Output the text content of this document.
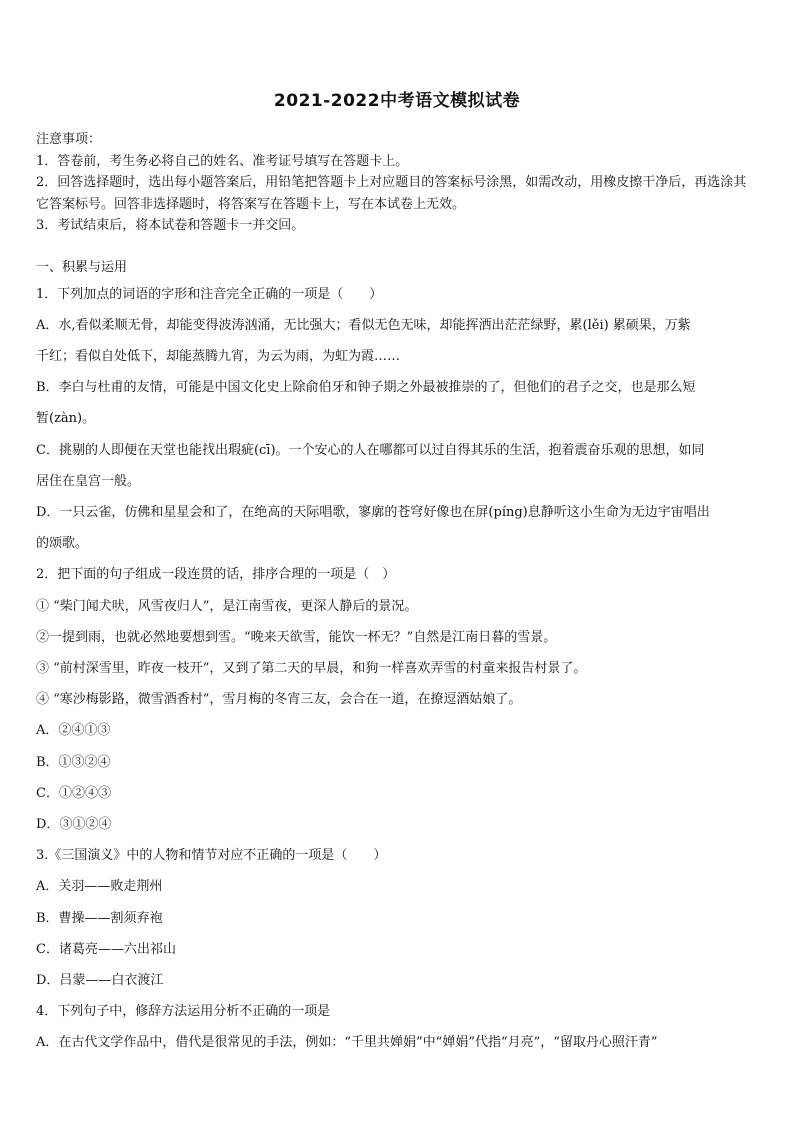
2021-2022中考语文模拟试卷

注意事项：

1．答卷前，考生务必将自己的姓名、准考证号填写在答题卡上。

2．回答选择题时，选出每小题答案后，用铅笔把答题卡上对应题目的答案标号涂黑，如需改动，用橡皮擦干净后，再选涂其它答案标号。回答非选择题时，将答案写在答题卡上，写在本试卷上无效。

3．考试结束后，将本试卷和答题卡一并交回。

一、积累与运用

1．下列加点的词语的字形和注音完全正确的一项是（　　）

A．水,看似柔顺无骨，却能变得波涛汹涌，无比强大；看似无色无味，却能挥洒出茫茫绿野，累(lěi) 累硕果，万紫

千红；看似自处低下，却能蒸腾九宵，为云为雨，为虹为霞……

B．李白与杜甫的友情，可能是中国文化史上除俞伯牙和钟子期之外最被推崇的了，但他们的君子之交，也是那么短

暂(zàn)。

C．挑剔的人即便在天堂也能找出瑕疵(cī)。一个安心的人在哪都可以过自得其乐的生活，抱着震奋乐观的思想，如同

居住在皇宫一般。

D．一只云雀，仿佛和星星会和了，在绝高的天际唱歌，寥廓的苍穹好像也在屏(píng)息静听这小生命为无边宇宙唱出

的颂歌。

2．把下面的句子组成一段连贯的话，排序合理的一项是（　）

① “柴门闻犬吠，风雪夜归人”，是江南雪夜，更深人静后的景况。

②一提到雨，也就必然地要想到雪。“晚来天欲雪，能饮一杯无？”自然是江南日暮的雪景。

③ “前村深雪里，昨夜一枝开”，又到了第二天的早晨，和狗一样喜欢弄雪的村童来报告村景了。

④ “寒沙梅影路，微雪酒香村”，雪月梅的冬宵三友，会合在一道，在撩逗酒姑娘了。

A．②④①③

B．①③②④

C．①②④③

D．③①②④

3.《三国演义》中的人物和情节对应不正确的一项是（　　）

A．关羽——败走荆州

B．曹操——割须弃袍

C．诸葛亮——六出祁山

D．吕蒙——白衣渡江

4．下列句子中，修辞方法运用分析不正确的一项是

A．在古代文学作品中，借代是很常见的手法，例如：“千里共婵娟”中“婵娟”代指“月亮”，“留取丹心照汗青”
